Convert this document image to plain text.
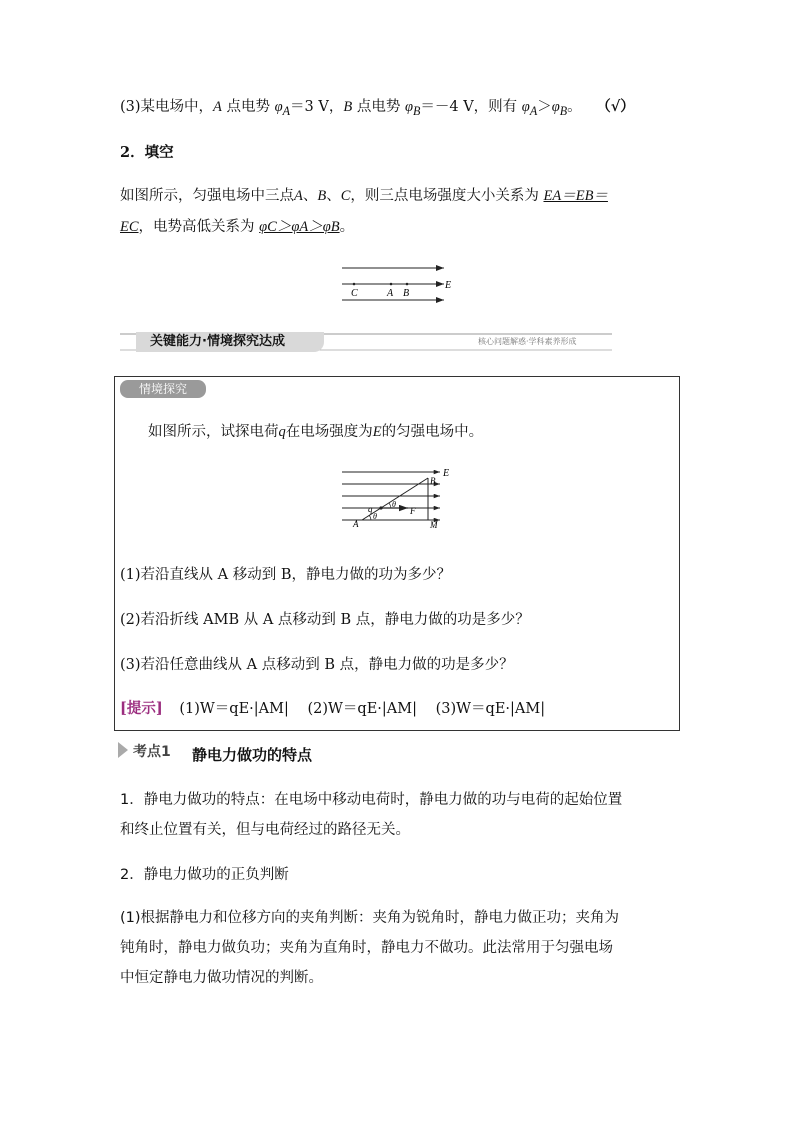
(3)某电场中，A 点电势 $\varphi_A=3$ V，B 点电势 $\varphi_B=-4$ V，则有 $\varphi_A>\varphi_B$。 （√）
2．填空
如图所示，匀强电场中三点A、B、C，则三点电场强度大小关系为 EA＝EB＝
EC，电势高低关系为 φC＞φA＞φB。
E
C	A B
关键能力·情境探究达成	核心问题解惑·学科素养形成
情境探究
如图所示，试探电荷q在电场强度为E的匀强电场中。
E
B
q θ
F
A
θ
M
(1)若沿直线从 A 移动到 B，静电力做的功为多少？
(2)若沿折线 AMB 从 A 点移动到 B 点，静电力做的功是多少？
(3)若沿任意曲线从 A 点移动到 B 点，静电力做的功是多少？
[提示] (1)W＝qE·|AM| (2)W＝qE·|AM| (3)W＝qE·|AM|
考点1 静电力做功的特点
1．静电力做功的特点：在电场中移动电荷时，静电力做的功与电荷的起始位置
和终止位置有关，但与电荷经过的路径无关。
2．静电力做功的正负判断
(1)根据静电力和位移方向的夹角判断：夹角为锐角时，静电力做正功；夹角为
钝角时，静电力做负功；夹角为直角时，静电力不做功。此法常用于匀强电场
中恒定静电力做功情况的判断。
